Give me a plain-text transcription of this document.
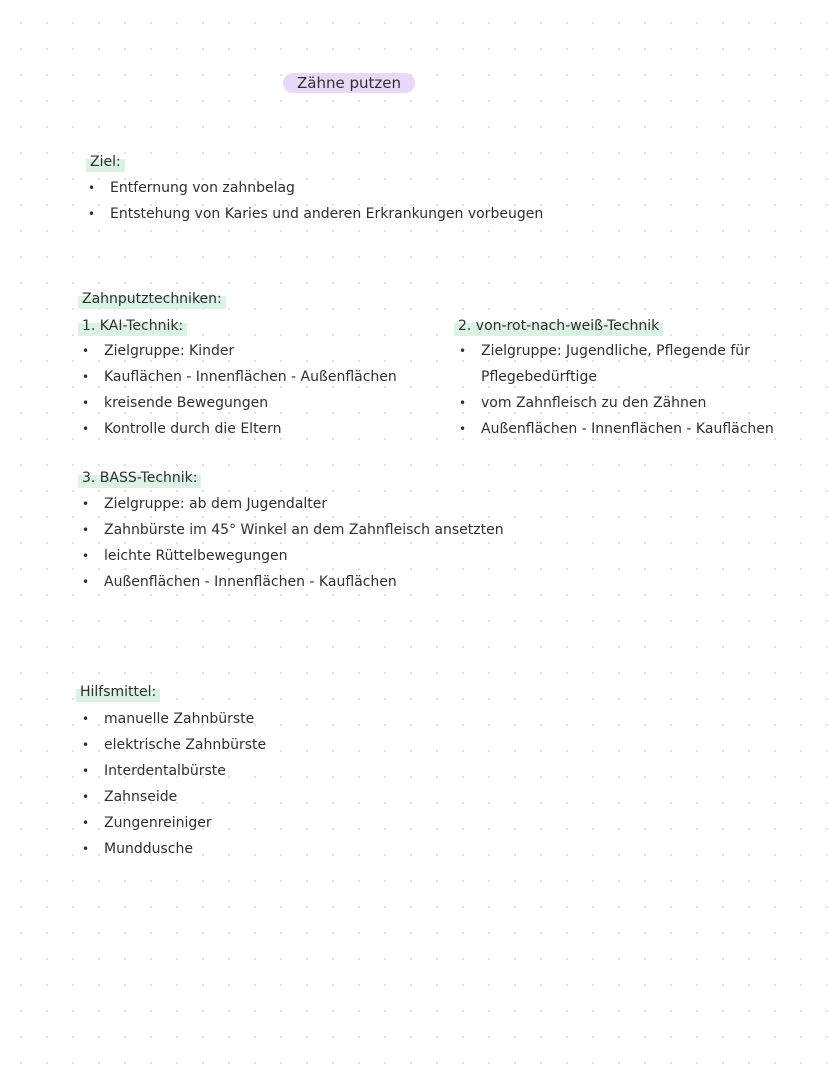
Zähne putzen
Ziel:
• Entfernung von zahnbelag
• Entstehung von Karies und anderen Erkrankungen vorbeugen
Zahnputztechniken:
1. KAI-Technik:
• Zielgruppe: Kinder
• Kauflächen - Innenflächen - Außenflächen
• kreisende Bewegungen
• Kontrolle durch die Eltern
2. von-rot-nach-weiß-Technik
• Zielgruppe: Jugendliche, Pflegende für
Pflegebedürftige
• vom Zahnfleisch zu den Zähnen
• Außenflächen - Innenflächen - Kauflächen
3. BASS-Technik:
• Zielgruppe: ab dem Jugendalter
• Zahnbürste im 45° Winkel an dem Zahnfleisch ansetzten
• leichte Rüttelbewegungen
• Außenflächen - Innenflächen - Kauflächen
Hilfsmittel:
• manuelle Zahnbürste
• elektrische Zahnbürste
• Interdentalbürste
• Zahnseide
• Zungenreiniger
• Munddusche
